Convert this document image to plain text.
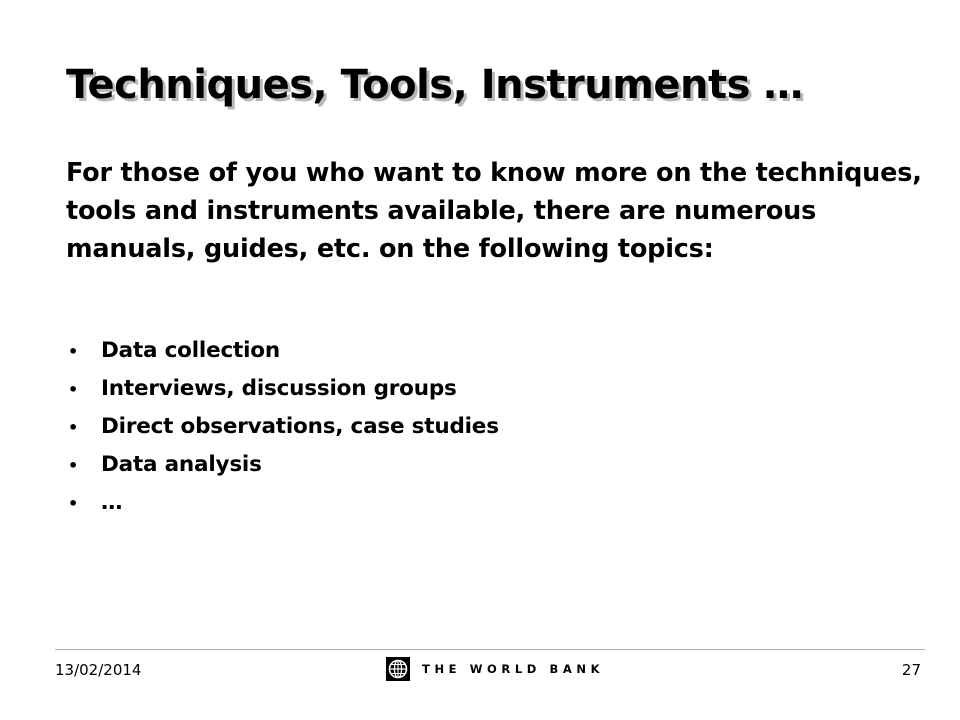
Techniques, Tools, Instruments …

For those of you who want to know more on the techniques, tools and instruments available, there are numerous manuals, guides, etc. on the following topics:

•	Data collection
•	Interviews, discussion groups
•	Direct observations, case studies
•	Data analysis
•	…
13/02/2014	THE WORLD BANK	27
